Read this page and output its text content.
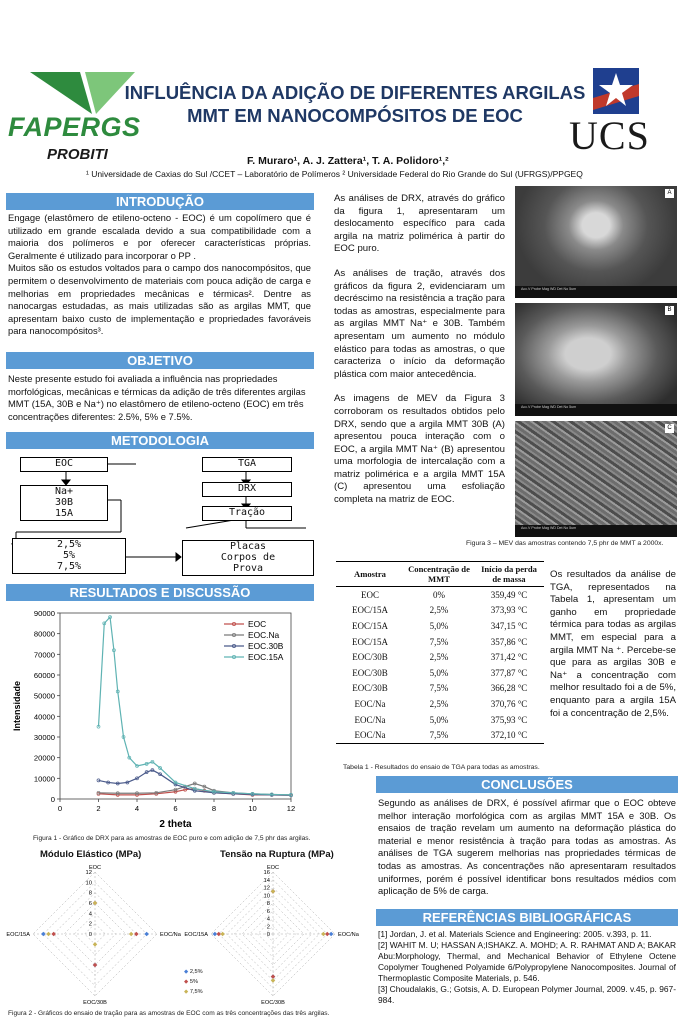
FAPERGS
PROBITI
INFLUÊNCIA DA ADIÇÃO DE DIFERENTES ARGILAS
MMT EM NANOCOMPÓSITOS DE EOC
F. Muraro¹, A. J. Zattera¹, T. A. Polidoro¹,²
¹ Universidade de Caxias do Sul /CCET – Laboratório de Polímeros ² Universidade Federal do Rio Grande do Sul (UFRGS)/PPGEQ
UCS
INTRODUÇÃO

Engage (elastômero de etileno-octeno - EOC) é um copolímero que é utilizado em grande escalada devido a sua compatibilidade com a maioria dos polímeros e por oferecer características próprias. Geralmente é utilizado para incorporar o PP .

Muitos são os estudos voltados para o campo dos nanocompósitos, que permitem o desenvolvimento de materiais com pouca adição de carga e melhorias em propriedades mecânicas e térmicas². Dentre as nanocargas estudadas, as mais utilizadas são as argilas MMT, que apresentam baixo custo de implementação e propriedades favoráveis para nanocompósitos³.

OBJETIVO
Neste presente estudo foi avaliada a influência nas propriedades morfológicas, mecânicas e térmicas da adição de três diferentes argilas MMT (15A, 30B e Na⁺) no elastômero de etileno-octeno (EOC) em três concentrações diferentes: 2.5%, 5% e 7.5%.
METODOLOGIA
EOC
Na+
30B
15A
2,5%
5%
7,5%
TGA
DRX
Tração
Placas
Corpos de
Prova
RESULTADOS E DISCUSSÃO
0
10000
20000
30000
40000
50000
60000
70000
80000
90000
0	2	4	6	8	10	12
2 theta
Intensidade
EOC
EOC.Na
EOC.30B
EOC.15A
Figura 1 - Gráfico de DRX para as amostras de EOC puro e com adição de 7,5 phr das argilas.
Módulo Elástico (MPa)	Tensão na Ruptura (MPa)
0
2
4
6
8
10
12
EOC
EOC/Na
EOC/30B
EOC/15A	0
2
4
6
8
10
12
14
16
EOC
EOC/Na
EOC/30B
EOC/15A
◆ 2,5%
◆ 5%
◆ 7,5%
Figura 2 - Gráficos do ensaio de tração para as amostras de EOC com as três concentrações das três argilas.

As análises de DRX, através do gráfico da figura 1, apresentaram um deslocamento específico para cada argila na matriz polimérica à partir do EOC puro.

As análises de tração, através dos gráficos da figura 2, evidenciaram um decréscimo na resistência a tração para todas as amostras, especialmente para as argilas MMT Na⁺ e 30B. Também apresentam um aumento no módulo elástico para todas as amostras, o que caracteriza o início da deformação plástica com maior antecedência.

As imagens de MEV da Figura 3 corroboram os resultados obtidos pelo DRX, sendo que a argila MMT 30B (A) apresentou pouca interação com o EOC, a argila MMT Na⁺ (B) apresentou uma morfologia de intercalação com a matriz polimérica e a argila MMT 15A (C) apresentou uma esfoliação completa na matriz de EOC.

A
Acc.V Probe Mag WD Det No 5um
B
Acc.V Probe Mag WD Det No 5um
C
Acc.V Probe Mag WD Det No 5um
Figura 3 – MEV das amostras contendo 7,5 phr de MMT a 2000x.
Amostra	Concentração de MMT	Início da perda de massa
EOC	0%	359,49 °C
EOC/15A	2,5%	373,93 °C
EOC/15A	5,0%	347,15 °C
EOC/15A	7,5%	357,86 °C
EOC/30B	2,5%	371,42 °C
EOC/30B	5,0%	377,87 °C
EOC/30B	7,5%	366,28 °C
EOC/Na	2,5%	370,76 °C
EOC/Na	5,0%	375,93 °C
EOC/Na	7,5%	372,10 °C
Tabela 1 - Resultados do ensaio de TGA para todas as amostras.
Os resultados da análise de TGA, representados na Tabela 1, apresentam um ganho em propriedade térmica para todas as argilas MMT, em especial para a argila MMT Na ⁺. Percebe-se que para as argilas 30B e Na⁺ a concentração com melhor resultado foi a de 5%, enquanto para a argila 15A foi a concentração de 2,5%.
CONCLUSÕES
Segundo as análises de DRX, é possível afirmar que o EOC obteve melhor interação morfológica com as argilas MMT 15A e 30B. Os ensaios de tração revelam um aumento na deformação plástica do material e menor resistência à tração para todas as amostras. As análises de TGA sugerem melhorias nas propriedades térmicas de todas as amostras. As concentrações não apresentaram resultados uniformes, porém é possível identificar bons resultados médios com aplicação de 5% de carga.
REFERÊNCIAS BIBLIOGRÁFICAS

[1] Jordan, J. et al. Materials Science and Engineering: 2005. v.393, p. 11.

[2] WAHIT M. U; HASSAN A;ISHAKZ. A. MOHD; A. R. RAHMAT AND A; BAKAR Abu:Morphology, Thermal, and Mechanical Behavior of Ethylene Octene Copolymer Toughened Polyamide 6/Polypropylene Nanocomposites. Journal of Thermoplastic Composite Materials, p. 546.

[3] Choudalakis, G.; Gotsis, A. D. European Polymer Journal, 2009. v.45, p. 967-984.
